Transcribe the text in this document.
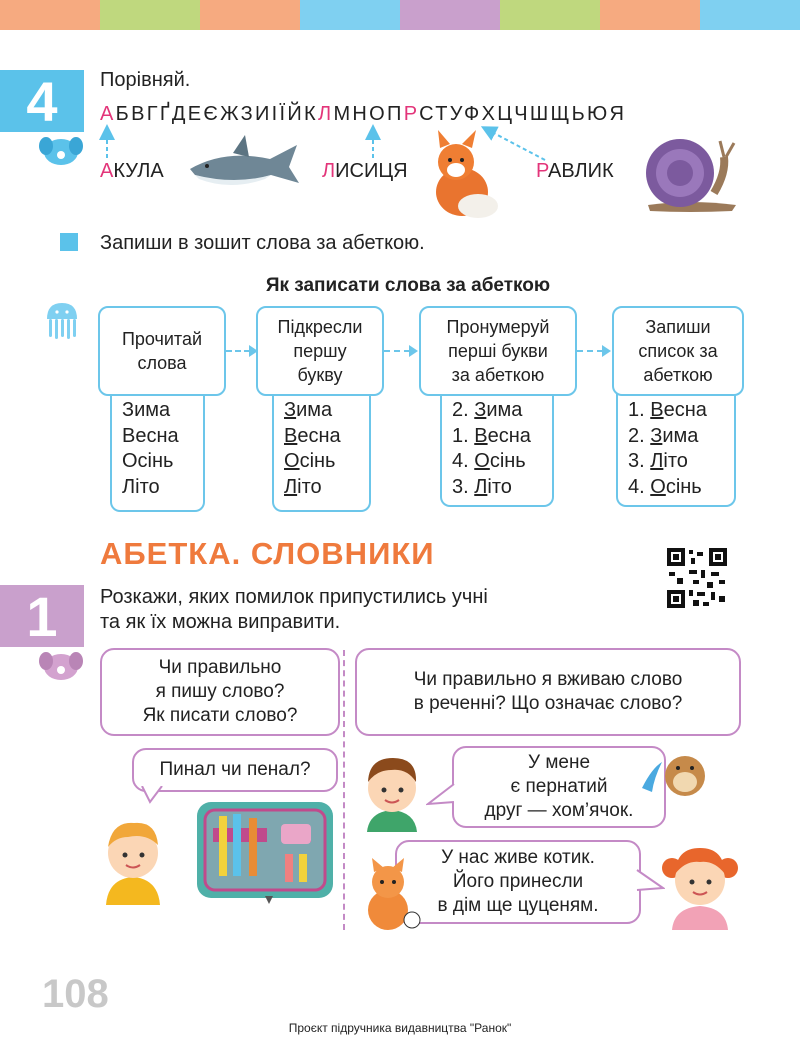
4	Порівняй.
АБВГҐДЕЄЖЗИІЇЙКЛМНОПРСТУФХЦЧШЩЬЮЯ
АКУЛА	ЛИСИЦЯ	РАВЛИК
Запиши в зошит слова за абеткою.
Як записати слова за абеткою
Прочитай
слова
Зима
Весна
Осінь
Літо
Підкресли
першу
букву
Зима
Весна
Осінь
Літо
Пронумеруй
перші букви
за абеткою
2. Зима
1. Весна
4. Осінь
3. Літо
Запиши
список за
абеткою
1. Весна
2. Зима
3. Літо
4. Осінь
АБЕТКА. СЛОВНИКИ
1	Розкажи, яких помилок припустились учні
та як їх можна виправити.
Чи правильно
я пишу слово?
Як писати слово?
Чи правильно я вживаю слово
в реченні? Що означає слово?
Пинал чи пенал?	У мене
є пернатий
друг — хом’ячок.
У нас живе котик.
Його принесли
в дім ще цуценям.
108
Проєкт підручника видавництва "Ранок"
